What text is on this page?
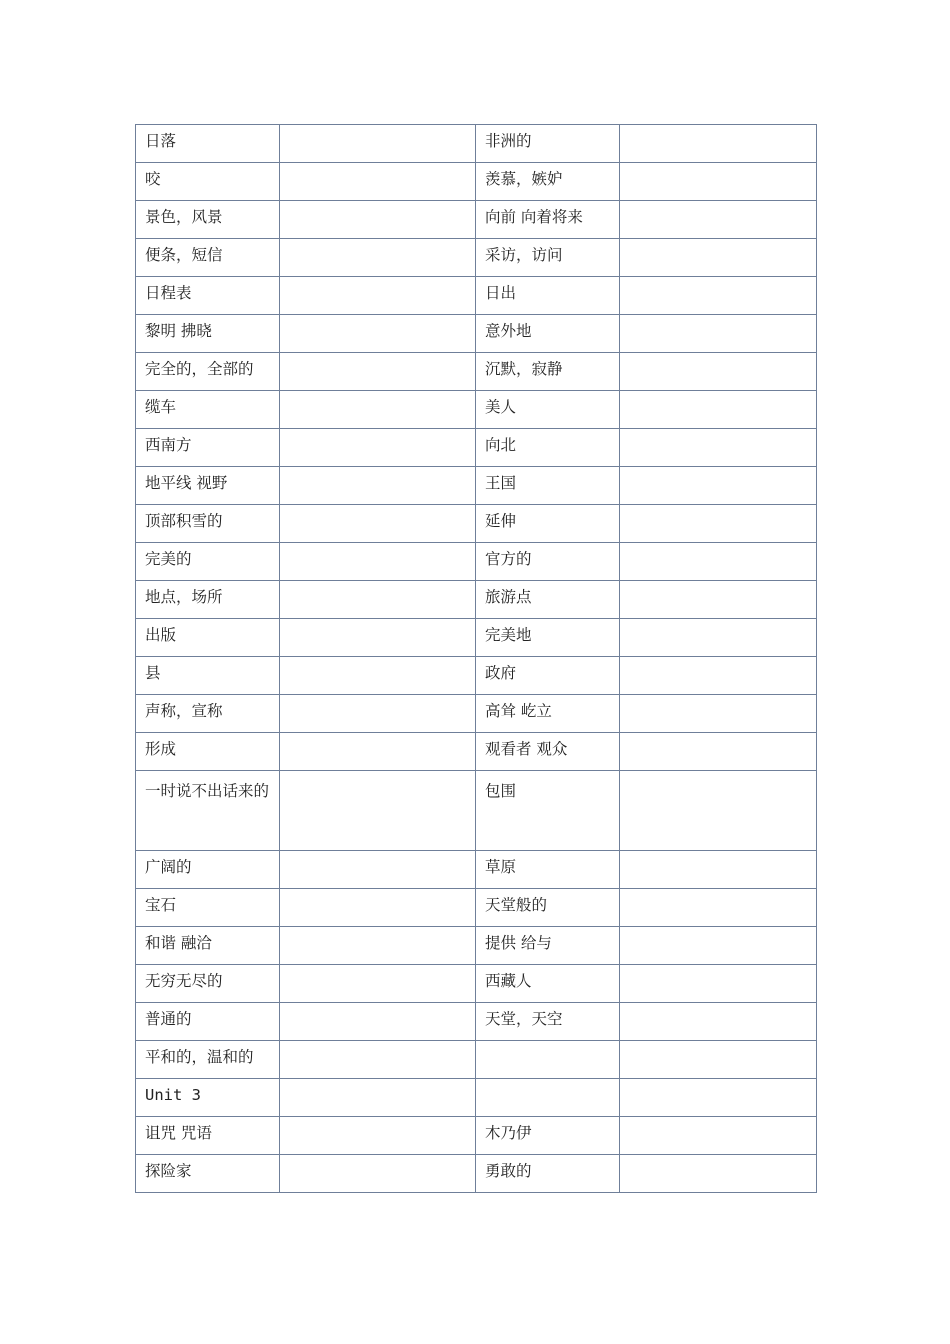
日落		非洲的	
咬		羡慕，嫉妒	
景色，风景		向前 向着将来	
便条，短信		采访，访问	
日程表		日出	
黎明 拂晓		意外地	
完全的，全部的		沉默，寂静	
缆车		美人	
西南方		向北	
地平线 视野		王国	
顶部积雪的		延伸	
完美的		官方的	
地点，场所		旅游点	
出版		完美地	
县		政府	
声称，宣称		高耸 屹立	
形成		观看者 观众	
一时说不出话来的		包围	
广阔的		草原	
宝石		天堂般的	
和谐 融洽		提供 给与	
无穷无尽的		西藏人	
普通的		天堂，天空	
平和的，温和的			
Unit 3			
诅咒 咒语		木乃伊	
探险家		勇敢的	
